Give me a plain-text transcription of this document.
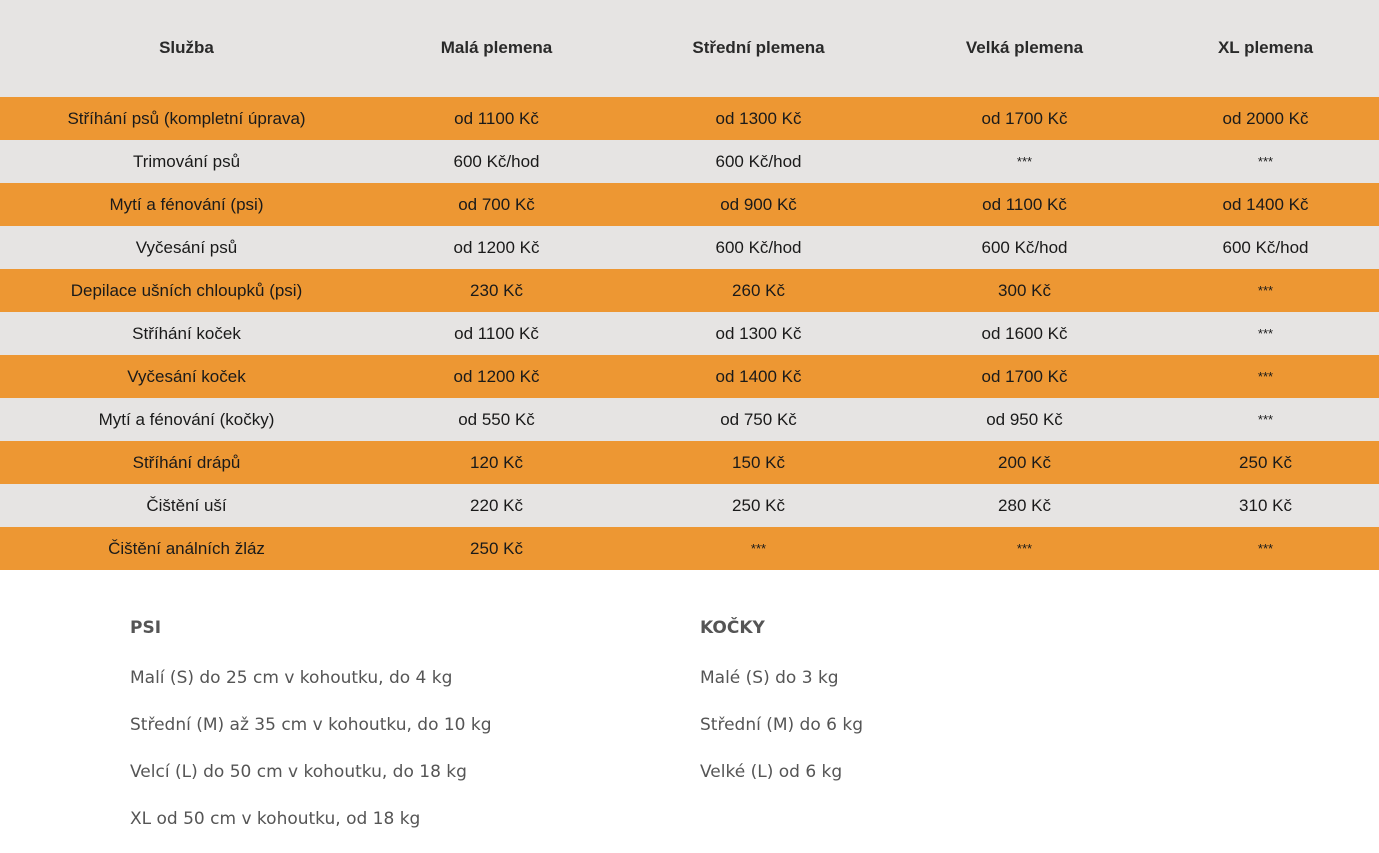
Služba	Malá plemena	Střední plemena	Velká plemena	XL plemena
Stříhání psů (kompletní úprava)	od 1100 Kč	od 1300 Kč	od 1700 Kč	od 2000 Kč
Trimování psů	600 Kč/hod	600 Kč/hod	***	***
Mytí a fénování (psi)	od 700 Kč	od 900 Kč	od 1100 Kč	od 1400 Kč
Vyčesání psů	od 1200 Kč	600 Kč/hod	600 Kč/hod	600 Kč/hod
Depilace ušních chloupků (psi)	230 Kč	260 Kč	300 Kč	***
Stříhání koček	od 1100 Kč	od 1300 Kč	od 1600 Kč	***
Vyčesání koček	od 1200 Kč	od 1400 Kč	od 1700 Kč	***
Mytí a fénování (kočky)	od 550 Kč	od 750 Kč	od 950 Kč	***
Stříhání drápů	120 Kč	150 Kč	200 Kč	250 Kč
Čištění uší	220 Kč	250 Kč	280 Kč	310 Kč
Čištění análních žláz	250 Kč	***	***	***
PSI

Malí (S) do 25 cm v kohoutku, do 4 kg

Střední (M) až 35 cm v kohoutku, do 10 kg

Velcí (L) do 50 cm v kohoutku, do 18 kg

XL od 50 cm v kohoutku, od 18 kg

KOČKY

Malé (S) do 3 kg

Střední (M) do 6 kg

Velké (L) od 6 kg
